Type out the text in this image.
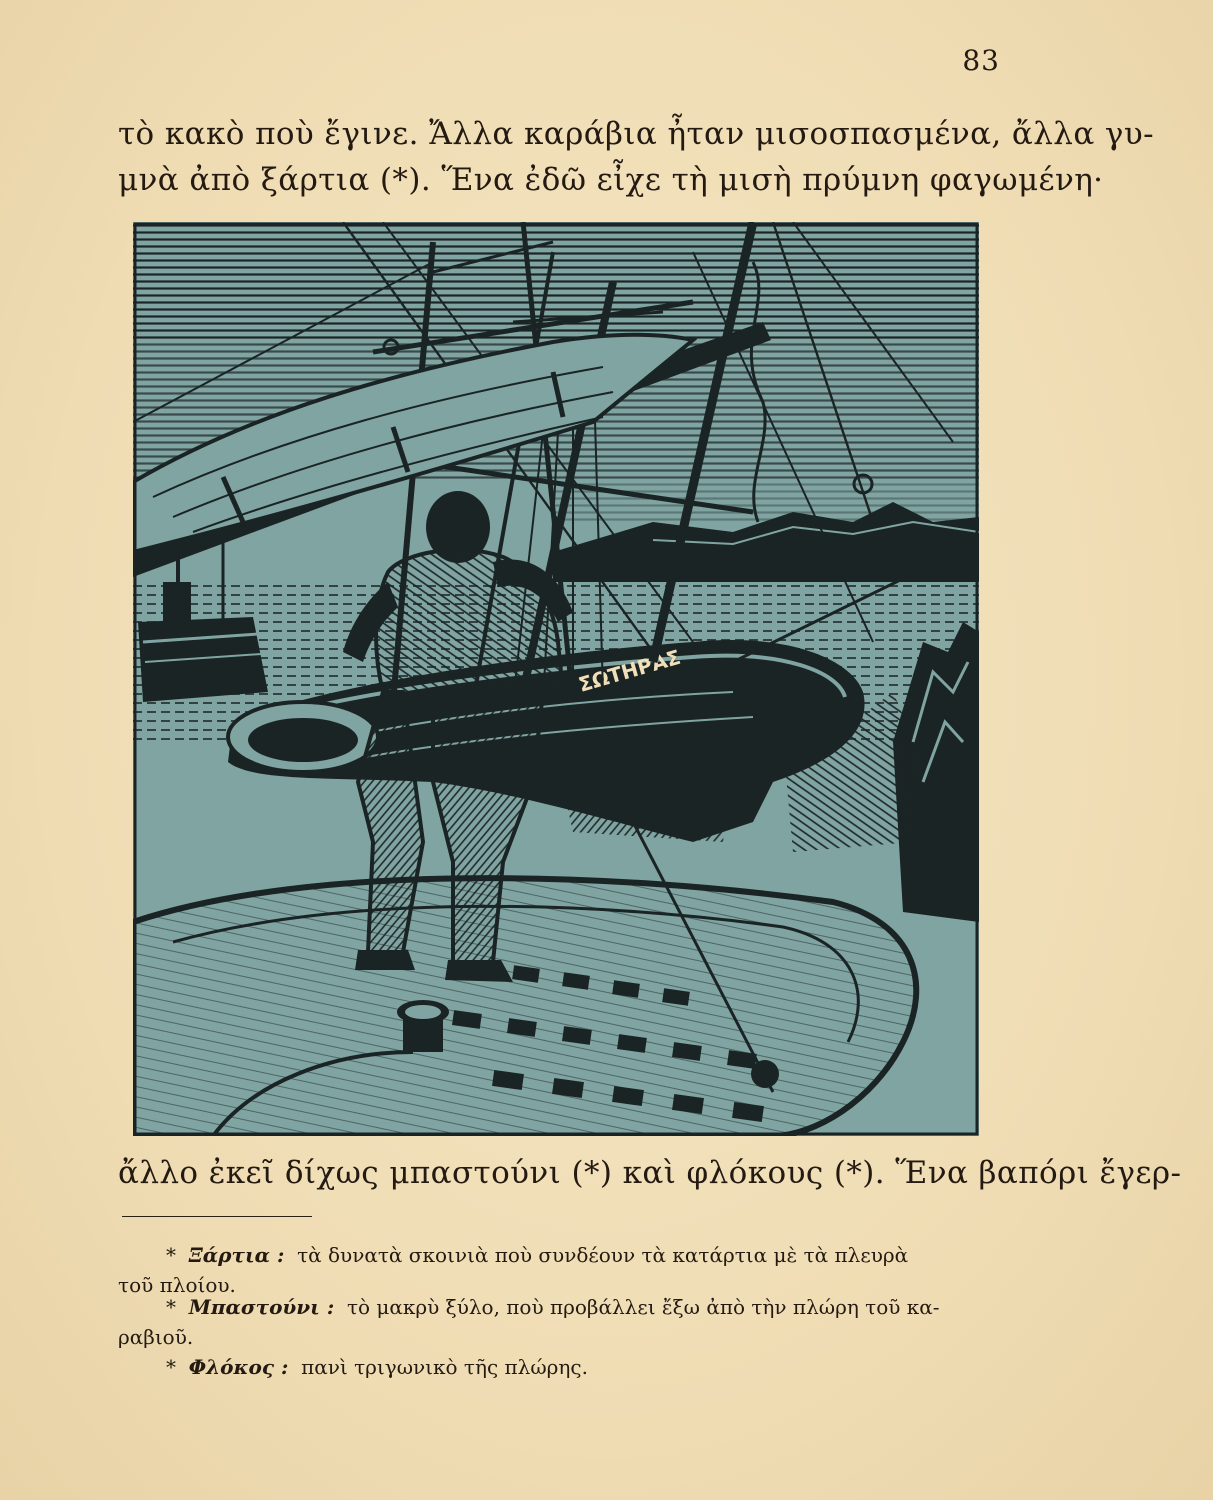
83
τὸ κακὸ ποὺ ἔγινε. Ἄλλα καράβια ἦταν μισοσπασμένα, ἄλλα γυ-
μνὰ ἀπὸ ξάρτια (*). Ἕνα ἐδῶ εἶχε τὴ μισὴ πρύμνη φαγωμένη·
ΣΩΤΗΡΑΣ
ἄλλο ἐκεῖ δίχως μπαστούνι (*) καὶ φλόκους (*). Ἕνα βαπόρι ἔγερ-
* Ξάρτια : τὰ δυνατὰ σκοινιὰ ποὺ συνδέουν τὰ κατάρτια μὲ τὰ πλευρὰ
τοῦ πλοίου.
* Μπαστούνι : τὸ μακρὺ ξύλο, ποὺ προβάλλει ἔξω ἀπὸ τὴν πλώρη τοῦ κα-
ραβιοῦ.
* Φλόκος : πανὶ τριγωνικὸ τῆς πλώρης.
